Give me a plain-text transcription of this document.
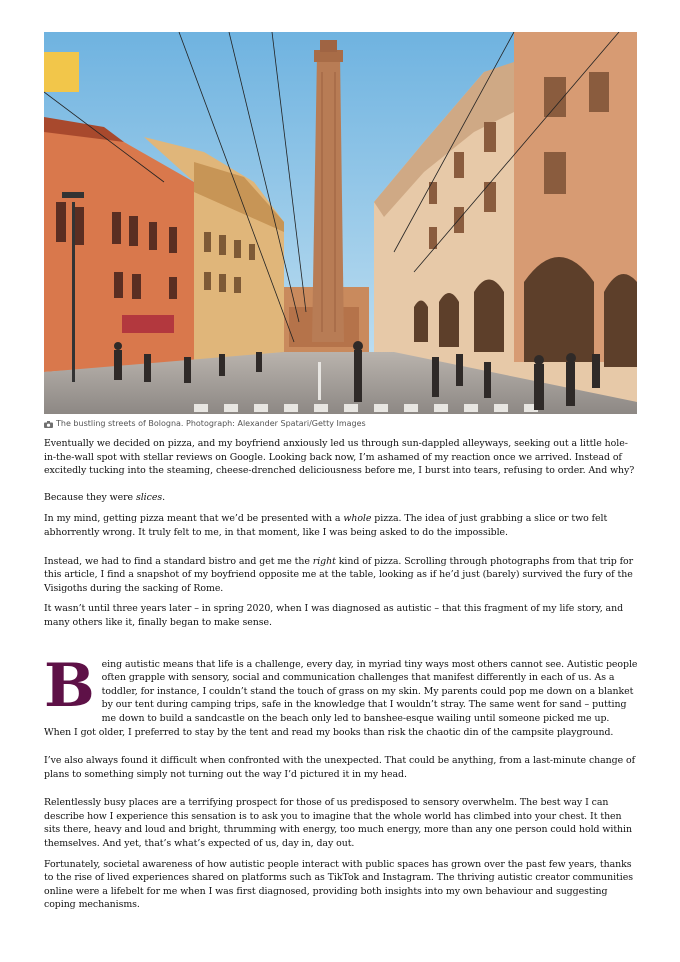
The bustling streets of Bologna. Photograph: Alexander Spatari/Getty Images

Eventually we decided on pizza, and my boyfriend anxiously led us through sun-dappled alleyways, seeking out a little hole-in-the-wall spot with stellar reviews on Google. Looking back now, I’m ashamed of my reaction once we arrived. Instead of excitedly tucking into the steaming, cheese-drenched deliciousness before me, I burst into tears, refusing to order. And why?

Because they were slices.

In my mind, getting pizza meant that we’d be presented with a whole pizza. The idea of just grabbing a slice or two felt abhorrently wrong. It truly felt to me, in that moment, like I was being asked to do the impossible.

Instead, we had to find a standard bistro and get me the right kind of pizza. Scrolling through photographs from that trip for this article, I find a snapshot of my boyfriend opposite me at the table, looking as if he’d just (barely) survived the fury of the Visigoths during the sacking of Rome.

It wasn’t until three years later – in spring 2020, when I was diagnosed as autistic – that this fragment of my life story, and many others like it, finally began to make sense.

Being autistic means that life is a challenge, every day, in myriad tiny ways most others cannot see. Autistic people often grapple with sensory, social and communication challenges that manifest differently in each of us. As a toddler, for instance, I couldn’t stand the touch of grass on my skin. My parents could pop me down on a blanket by our tent during camping trips, safe in the knowledge that I wouldn’t stray. The same went for sand – putting me down to build a sandcastle on the beach only led to banshee-esque wailing until someone picked me up. When I got older, I preferred to stay by the tent and read my books than risk the chaotic din of the campsite playground.

I’ve also always found it difficult when confronted with the unexpected. That could be anything, from a last-minute change of plans to something simply not turning out the way I’d pictured it in my head.

Relentlessly busy places are a terrifying prospect for those of us predisposed to sensory overwhelm. The best way I can describe how I experience this sensation is to ask you to imagine that the whole world has climbed into your chest. It then sits there, heavy and loud and bright, thrumming with energy, too much energy, more than any one person could hold within themselves. And yet, that’s what’s expected of us, day in, day out.

Fortunately, societal awareness of how autistic people interact with public spaces has grown over the past few years, thanks to the rise of lived experiences shared on platforms such as TikTok and Instagram. The thriving autistic creator communities online were a lifebelt for me when I was first diagnosed, providing both insights into my own behaviour and suggesting coping mechanisms.
